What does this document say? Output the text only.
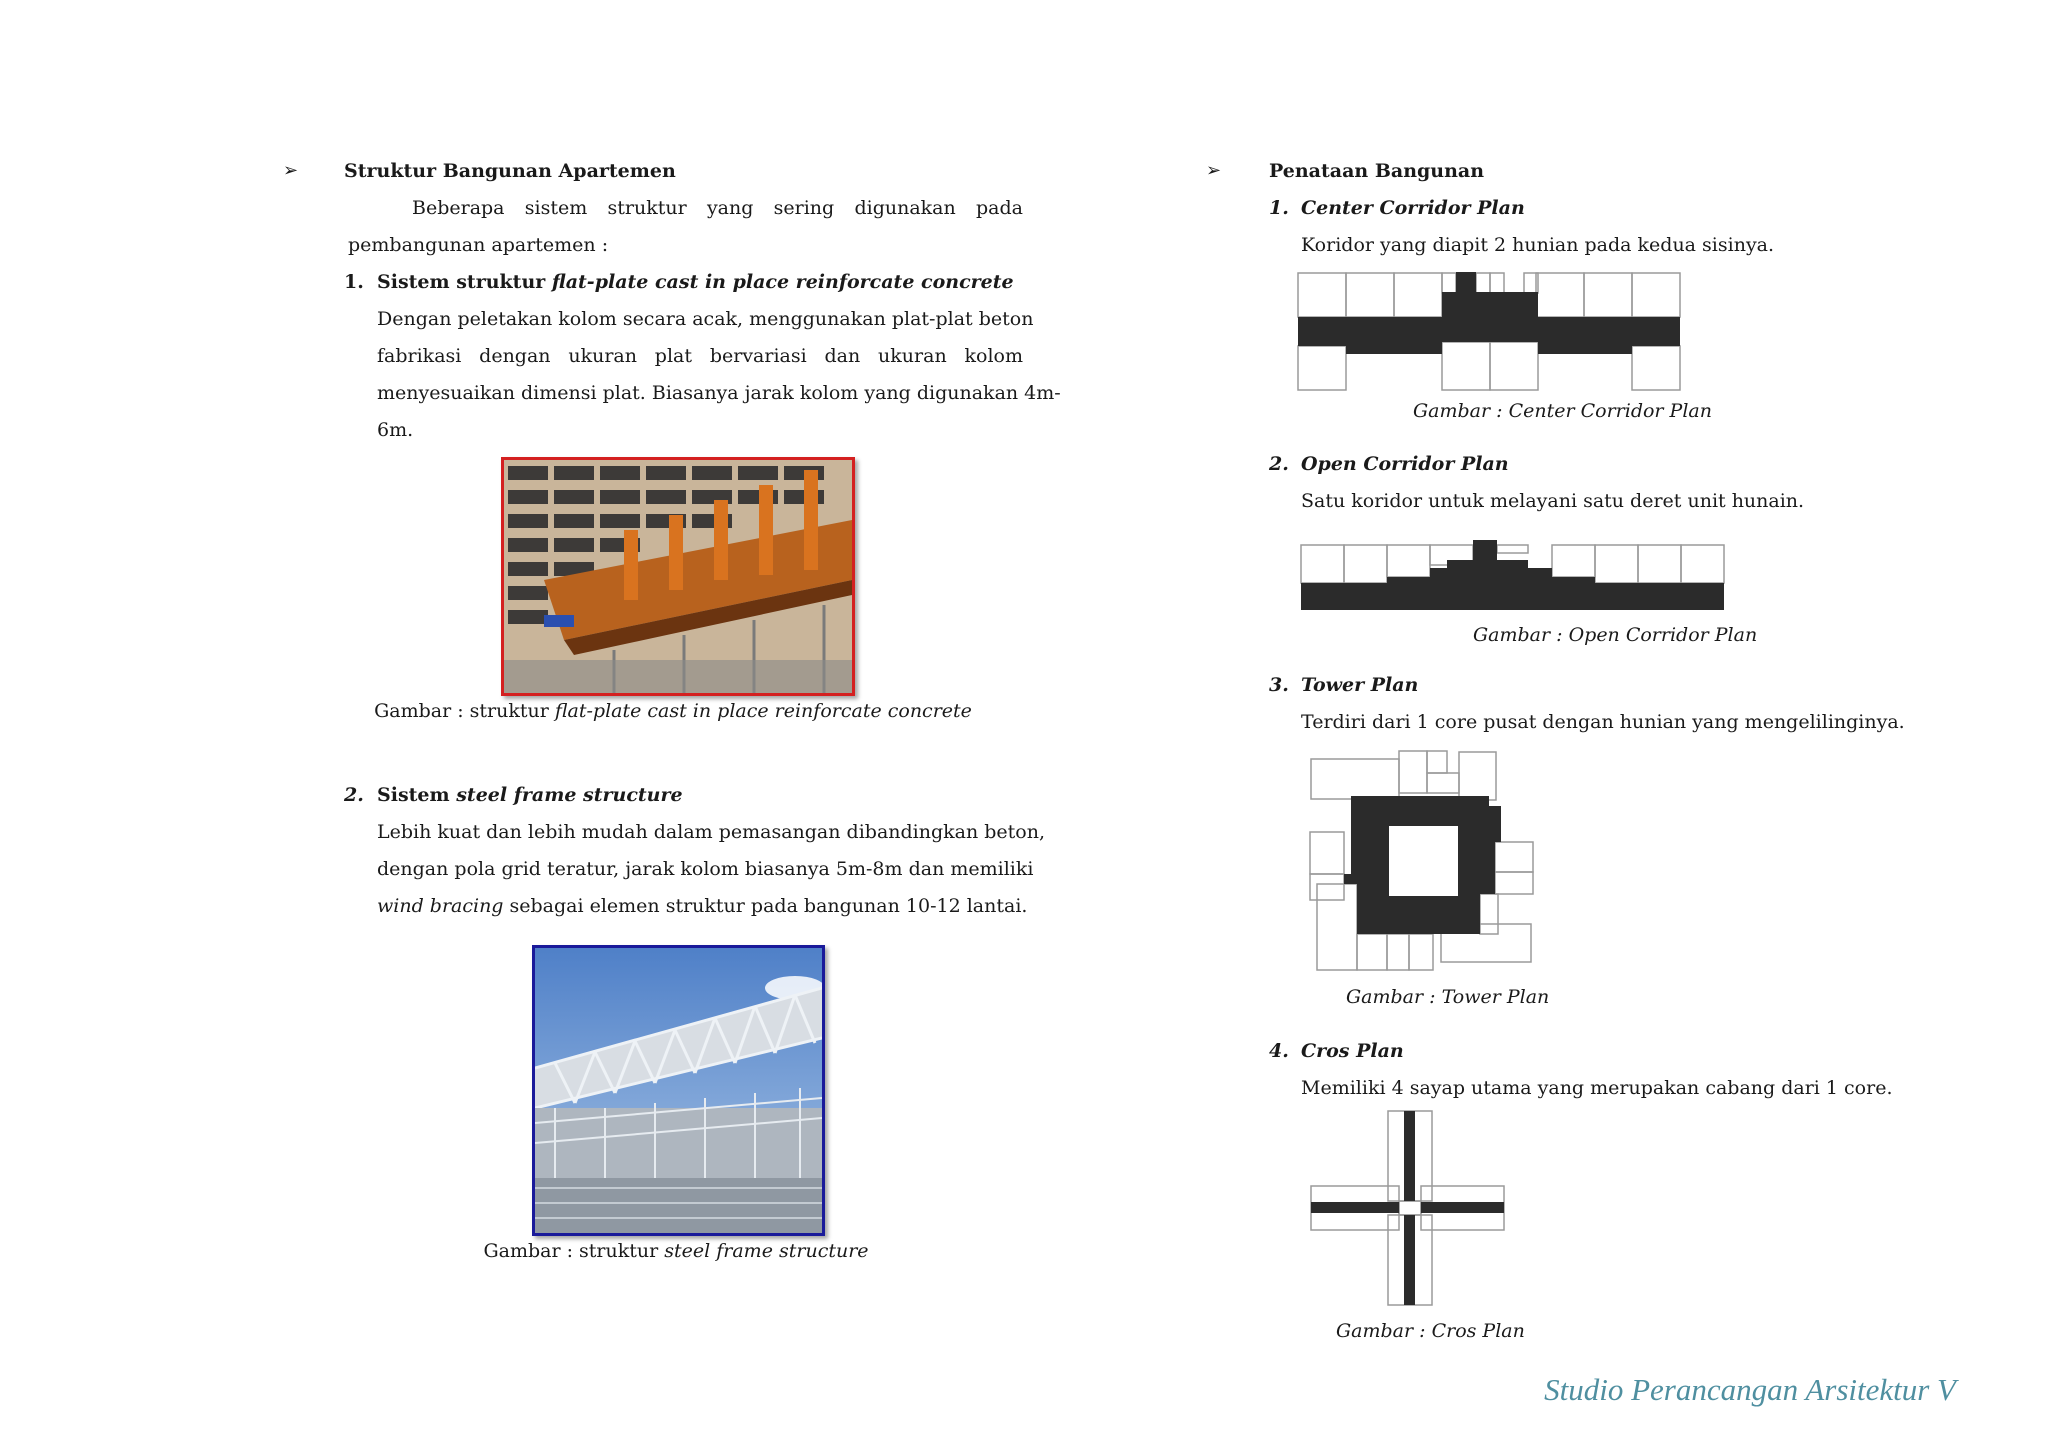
➢ Struktur Bangunan Apartemen
Beberapa sistem struktur yang sering digunakan pada
pembangunan apartemen :
1. Sistem struktur flat-plate cast in place reinforcate concrete
Dengan peletakan kolom secara acak, menggunakan plat-plat beton
fabrikasi dengan ukuran plat bervariasi dan ukuran kolom
menyesuaikan dimensi plat. Biasanya jarak kolom yang digunakan 4m-
6m.
Gambar : struktur flat-plate cast in place reinforcate concrete
2. Sistem steel frame structure
Lebih kuat dan lebih mudah dalam pemasangan dibandingkan beton,
dengan pola grid teratur, jarak kolom biasanya 5m-8m dan memiliki
wind bracing sebagai elemen struktur pada bangunan 10-12 lantai.
Gambar : struktur steel frame structure
➢	Penataan Bangunan
1. Center Corridor Plan
Koridor yang diapit 2 hunian pada kedua sisinya.
Gambar : Center Corridor Plan
2. Open Corridor Plan
Satu koridor untuk melayani satu deret unit hunain.
Gambar : Open Corridor Plan
3. Tower Plan
Terdiri dari 1 core pusat dengan hunian yang mengelilinginya.
Gambar : Tower Plan
4. Cros Plan
Memiliki 4 sayap utama yang merupakan cabang dari 1 core.
Gambar : Cros Plan
Studio Perancangan Arsitektur V
